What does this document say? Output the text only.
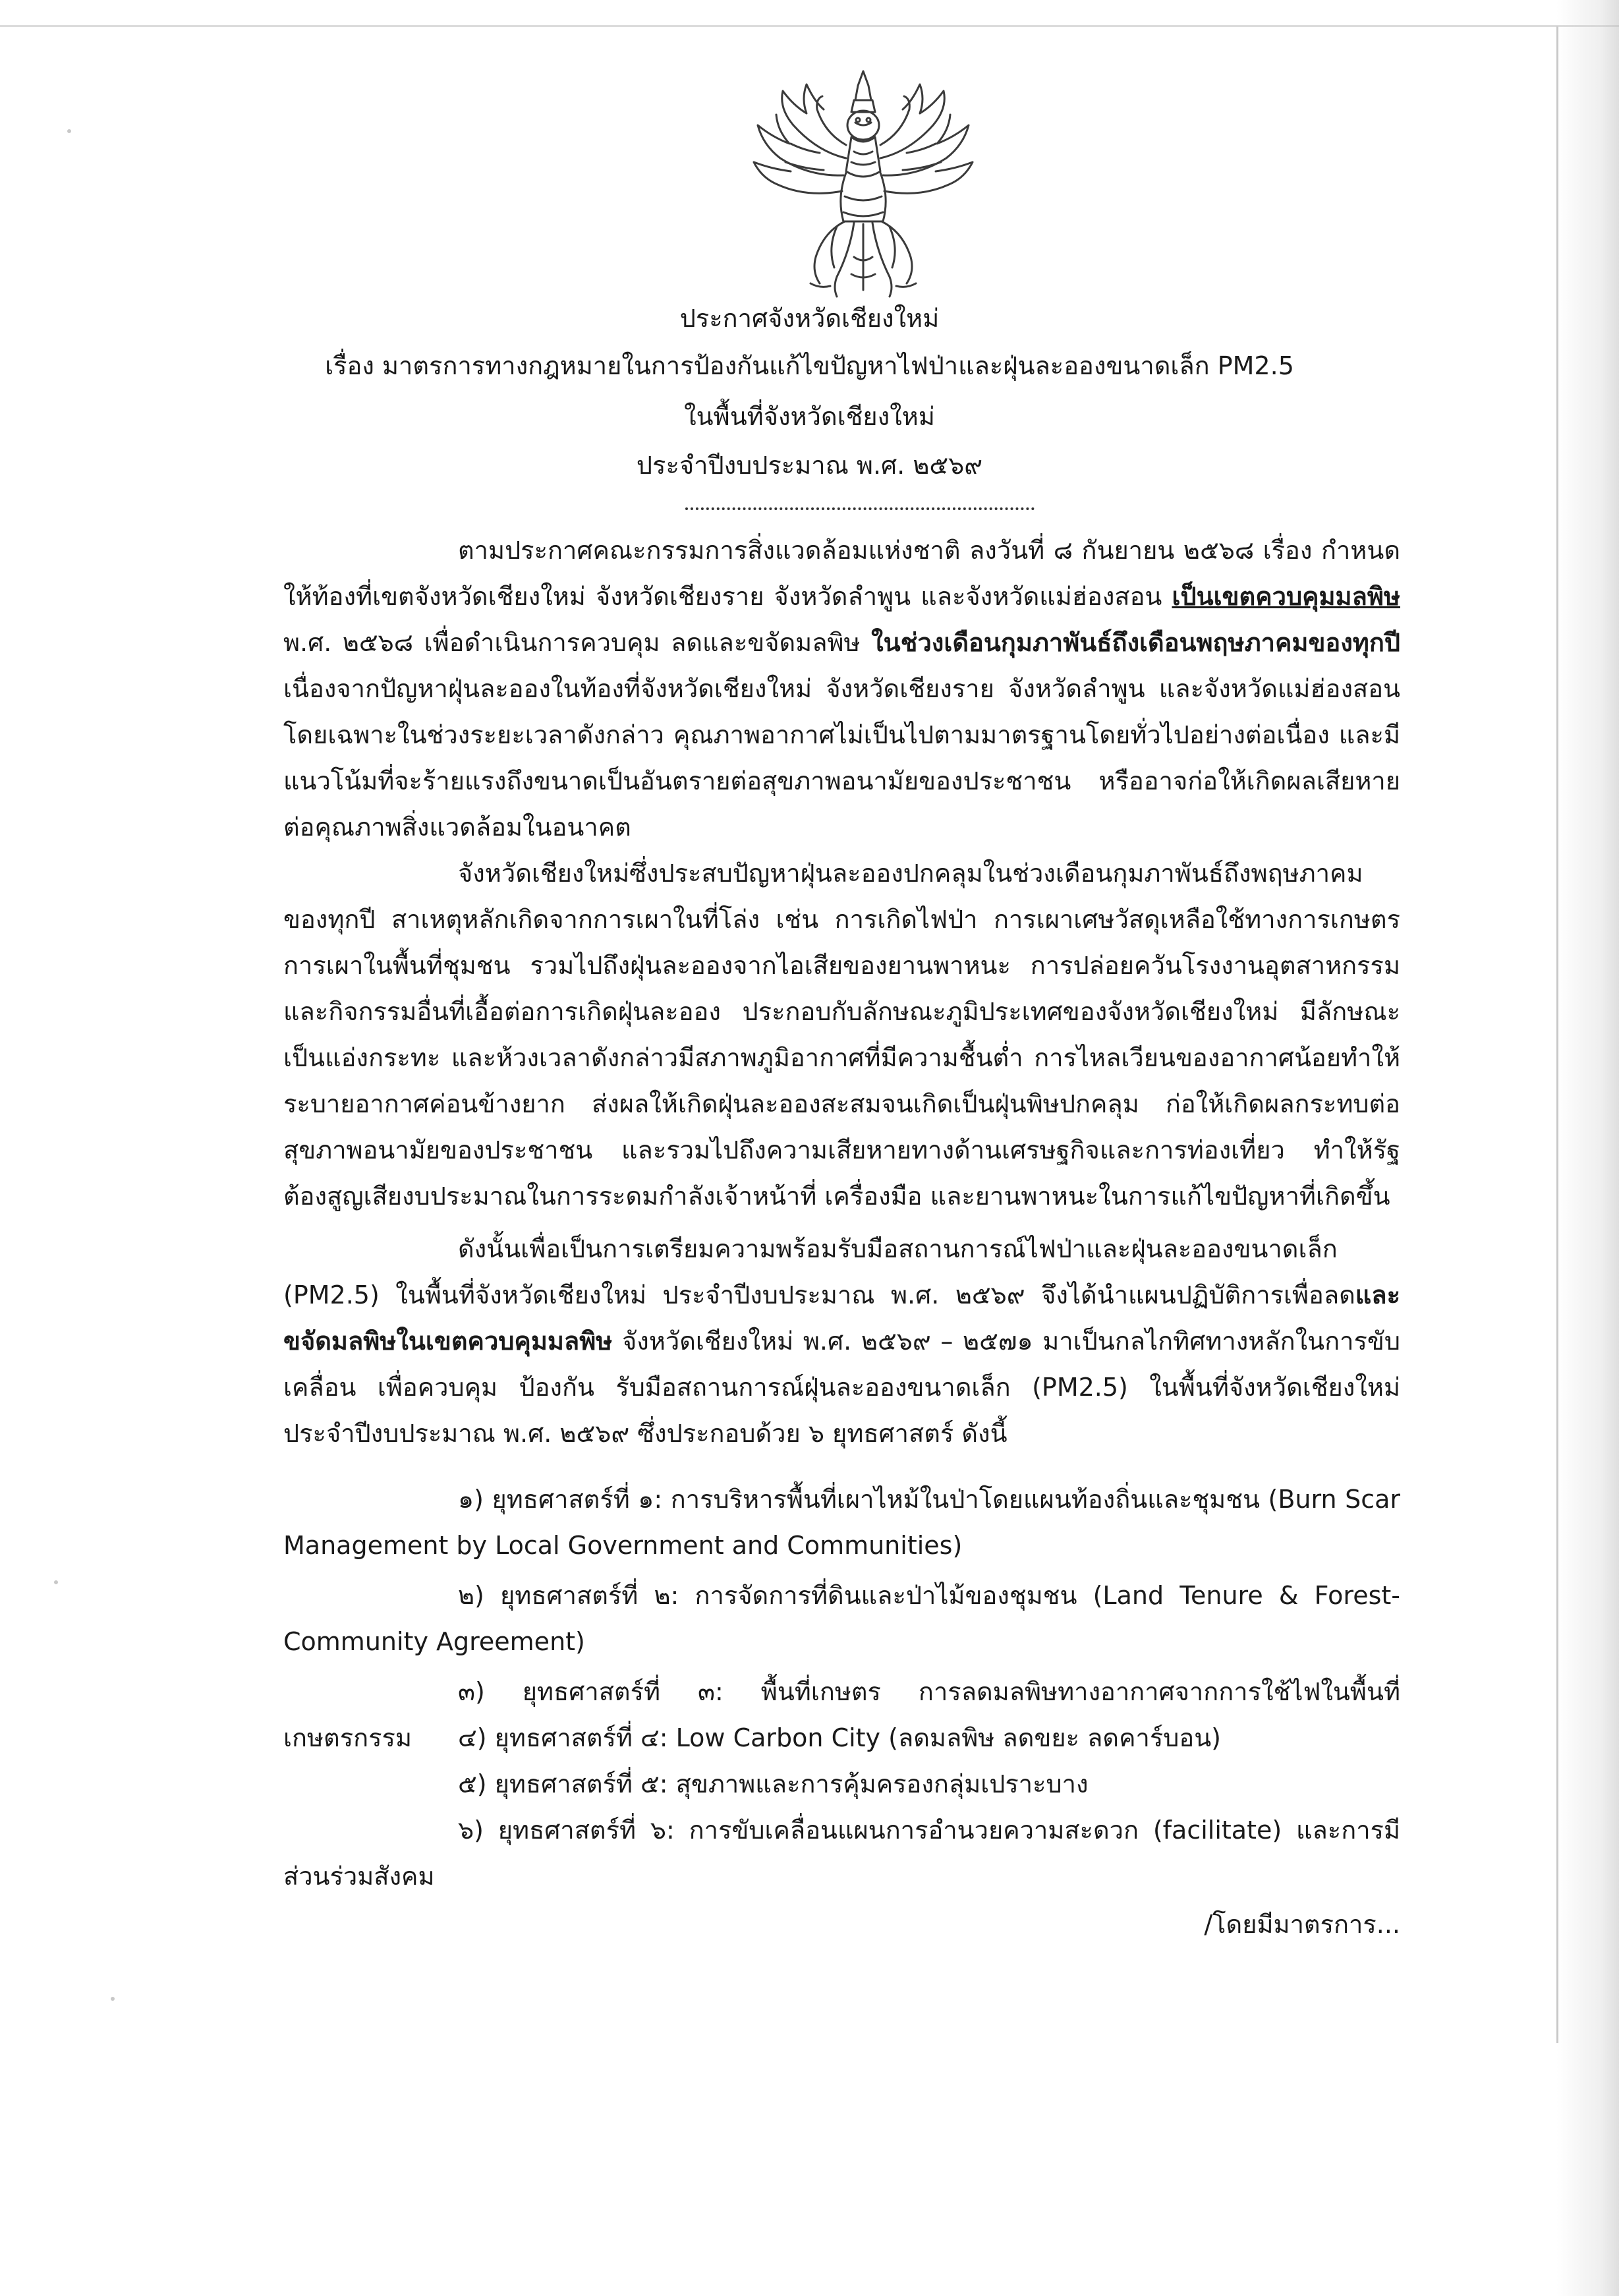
ประกาศจังหวัดเชียงใหม่
เรื่อง มาตรการทางกฎหมายในการป้องกันแก้ไขปัญหาไฟป่าและฝุ่นละอองขนาดเล็ก PM2.5
ในพื้นที่จังหวัดเชียงใหม่
ประจำปีงบประมาณ พ.ศ. ๒๕๖๙
ตามประกาศคณะกรรมการสิ่งแวดล้อมแห่งชาติ ลงวันที่ ๘ กันยายน ๒๕๖๘ เรื่อง กำหนดให้ท้องที่เขตจังหวัดเชียงใหม่ จังหวัดเชียงราย จังหวัดลำพูน และจังหวัดแม่ฮ่องสอน เป็นเขตควบคุมมลพิษ พ.ศ. ๒๕๖๘ เพื่อดำเนินการควบคุม ลดและขจัดมลพิษ ในช่วงเดือนกุมภาพันธ์ถึงเดือนพฤษภาคมของทุกปี เนื่องจากปัญหาฝุ่นละอองในท้องที่จังหวัดเชียงใหม่ จังหวัดเชียงราย จังหวัดลำพูน และจังหวัดแม่ฮ่องสอน โดยเฉพาะในช่วงระยะเวลาดังกล่าว คุณภาพอากาศไม่เป็นไปตามมาตรฐานโดยทั่วไปอย่างต่อเนื่อง และมีแนวโน้มที่จะร้ายแรงถึงขนาดเป็นอันตรายต่อสุขภาพอนามัยของประชาชน หรืออาจก่อให้เกิดผลเสียหายต่อคุณภาพสิ่งแวดล้อมในอนาคต
จังหวัดเชียงใหม่ซึ่งประสบปัญหาฝุ่นละอองปกคลุมในช่วงเดือนกุมภาพันธ์ถึงพฤษภาคมของทุกปี สาเหตุหลักเกิดจากการเผาในที่โล่ง เช่น การเกิดไฟป่า การเผาเศษวัสดุเหลือใช้ทางการเกษตร การเผาในพื้นที่ชุมชน รวมไปถึงฝุ่นละอองจากไอเสียของยานพาหนะ การปล่อยควันโรงงานอุตสาหกรรม และกิจกรรมอื่นที่เอื้อต่อการเกิดฝุ่นละออง ประกอบกับลักษณะภูมิประเทศของจังหวัดเชียงใหม่ มีลักษณะเป็นแอ่งกระทะ และห้วงเวลาดังกล่าวมีสภาพภูมิอากาศที่มีความชื้นต่ำ การไหลเวียนของอากาศน้อยทำให้ระบายอากาศค่อนข้างยาก ส่งผลให้เกิดฝุ่นละอองสะสมจนเกิดเป็นฝุ่นพิษปกคลุม ก่อให้เกิดผลกระทบต่อสุขภาพอนามัยของประชาชน และรวมไปถึงความเสียหายทางด้านเศรษฐกิจและการท่องเที่ยว ทำให้รัฐต้องสูญเสียงบประมาณในการระดมกำลังเจ้าหน้าที่ เครื่องมือ และยานพาหนะในการแก้ไขปัญหาที่เกิดขึ้น
ดังนั้นเพื่อเป็นการเตรียมความพร้อมรับมือสถานการณ์ไฟป่าและฝุ่นละอองขนาดเล็ก (PM2.5) ในพื้นที่จังหวัดเชียงใหม่ ประจำปีงบประมาณ พ.ศ. ๒๕๖๙ จึงได้นำแผนปฏิบัติการเพื่อลดและขจัดมลพิษในเขตควบคุมมลพิษ จังหวัดเชียงใหม่ พ.ศ. ๒๕๖๙ – ๒๕๗๑ มาเป็นกลไกทิศทางหลักในการขับเคลื่อน เพื่อควบคุม ป้องกัน รับมือสถานการณ์ฝุ่นละอองขนาดเล็ก (PM2.5) ในพื้นที่จังหวัดเชียงใหม่ ประจำปีงบประมาณ พ.ศ. ๒๕๖๙ ซึ่งประกอบด้วย ๖ ยุทธศาสตร์ ดังนี้
๑) ยุทธศาสตร์ที่ ๑: การบริหารพื้นที่เผาไหม้ในป่าโดยแผนท้องถิ่นและชุมชน (Burn Scar Management by Local Government and Communities)
๒) ยุทธศาสตร์ที่ ๒: การจัดการที่ดินและป่าไม้ของชุมชน (Land Tenure & Forest-Community Agreement)
๓) ยุทธศาสตร์ที่ ๓: พื้นที่เกษตร การลดมลพิษทางอากาศจากการใช้ไฟในพื้นที่เกษตรกรรม	๔) ยุทธศาสตร์ที่ ๔: Low Carbon City (ลดมลพิษ ลดขยะ ลดคาร์บอน)
๕) ยุทธศาสตร์ที่ ๕: สุขภาพและการคุ้มครองกลุ่มเปราะบาง
๖) ยุทธศาสตร์ที่ ๖: การขับเคลื่อนแผนการอำนวยความสะดวก (facilitate) และการมีส่วนร่วมสังคม
/โดยมีมาตรการ...
